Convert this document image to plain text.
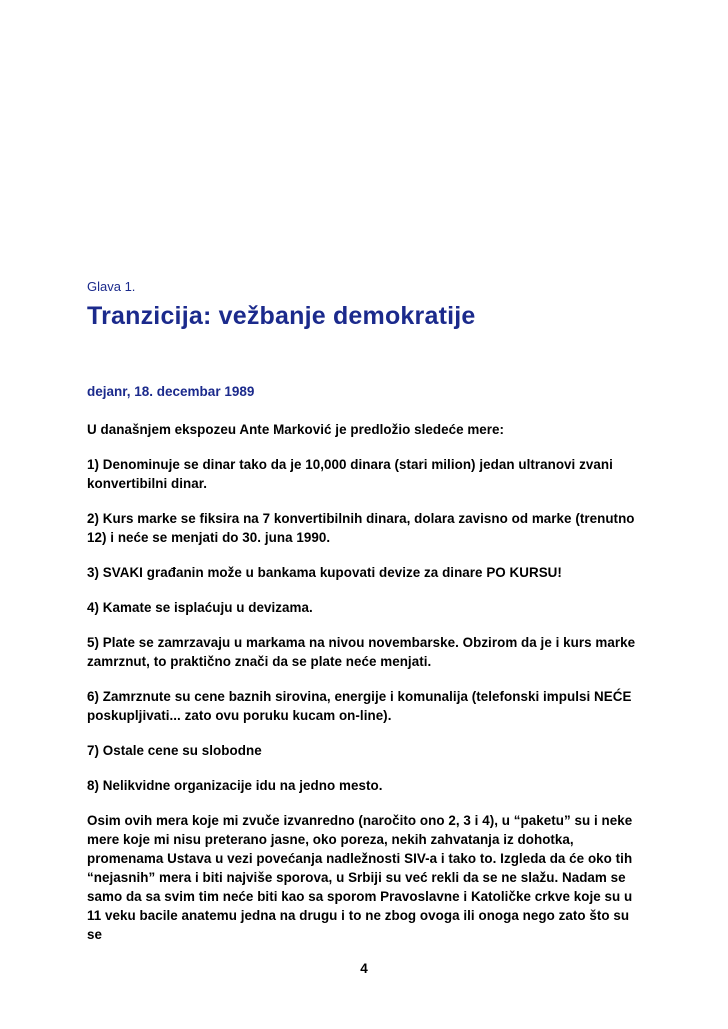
Glava 1.

Tranzicija: vežbanje demokratije

dejanr, 18. decembar 1989

U današnjem ekspozeu Ante Marković je predložio sledeće mere:

1) Denominuje se dinar tako da je 10,000 dinara (stari milion) jedan ultranovi zvani konvertibilni dinar.

2) Kurs marke se fiksira na 7 konvertibilnih dinara, dolara zavisno od marke (trenutno 12) i neće se menjati do 30. juna 1990.

3) SVAKI građanin može u bankama kupovati devize za dinare PO KURSU!

4) Kamate se isplaćuju u devizama.

5) Plate se zamrzavaju u markama na nivou novembarske. Obzirom da je i kurs marke zamrznut, to praktično znači da se plate neće menjati.

6) Zamrznute su cene baznih sirovina, energije i komunalija (telefonski impulsi NEĆE poskupljivati... zato ovu poruku kucam on-line).

7) Ostale cene su slobodne

8) Nelikvidne organizacije idu na jedno mesto.

Osim ovih mera koje mi zvuče izvanredno (naročito ono 2, 3 i 4), u “paketu” su i neke mere koje mi nisu preterano jasne, oko poreza, nekih zahvatanja iz dohotka, promenama Ustava u vezi povećanja nadležnosti SIV-a i tako to. Izgleda da će oko tih “nejasnih” mera i biti najviše sporova, u Srbiji su već rekli da se ne slažu. Nadam se samo da sa svim tim neće biti kao sa sporom Pravoslavne i Katoličke crkve koje su u 11 veku bacile anatemu jedna na drugu i to ne zbog ovoga ili onoga nego zato što su se

4
